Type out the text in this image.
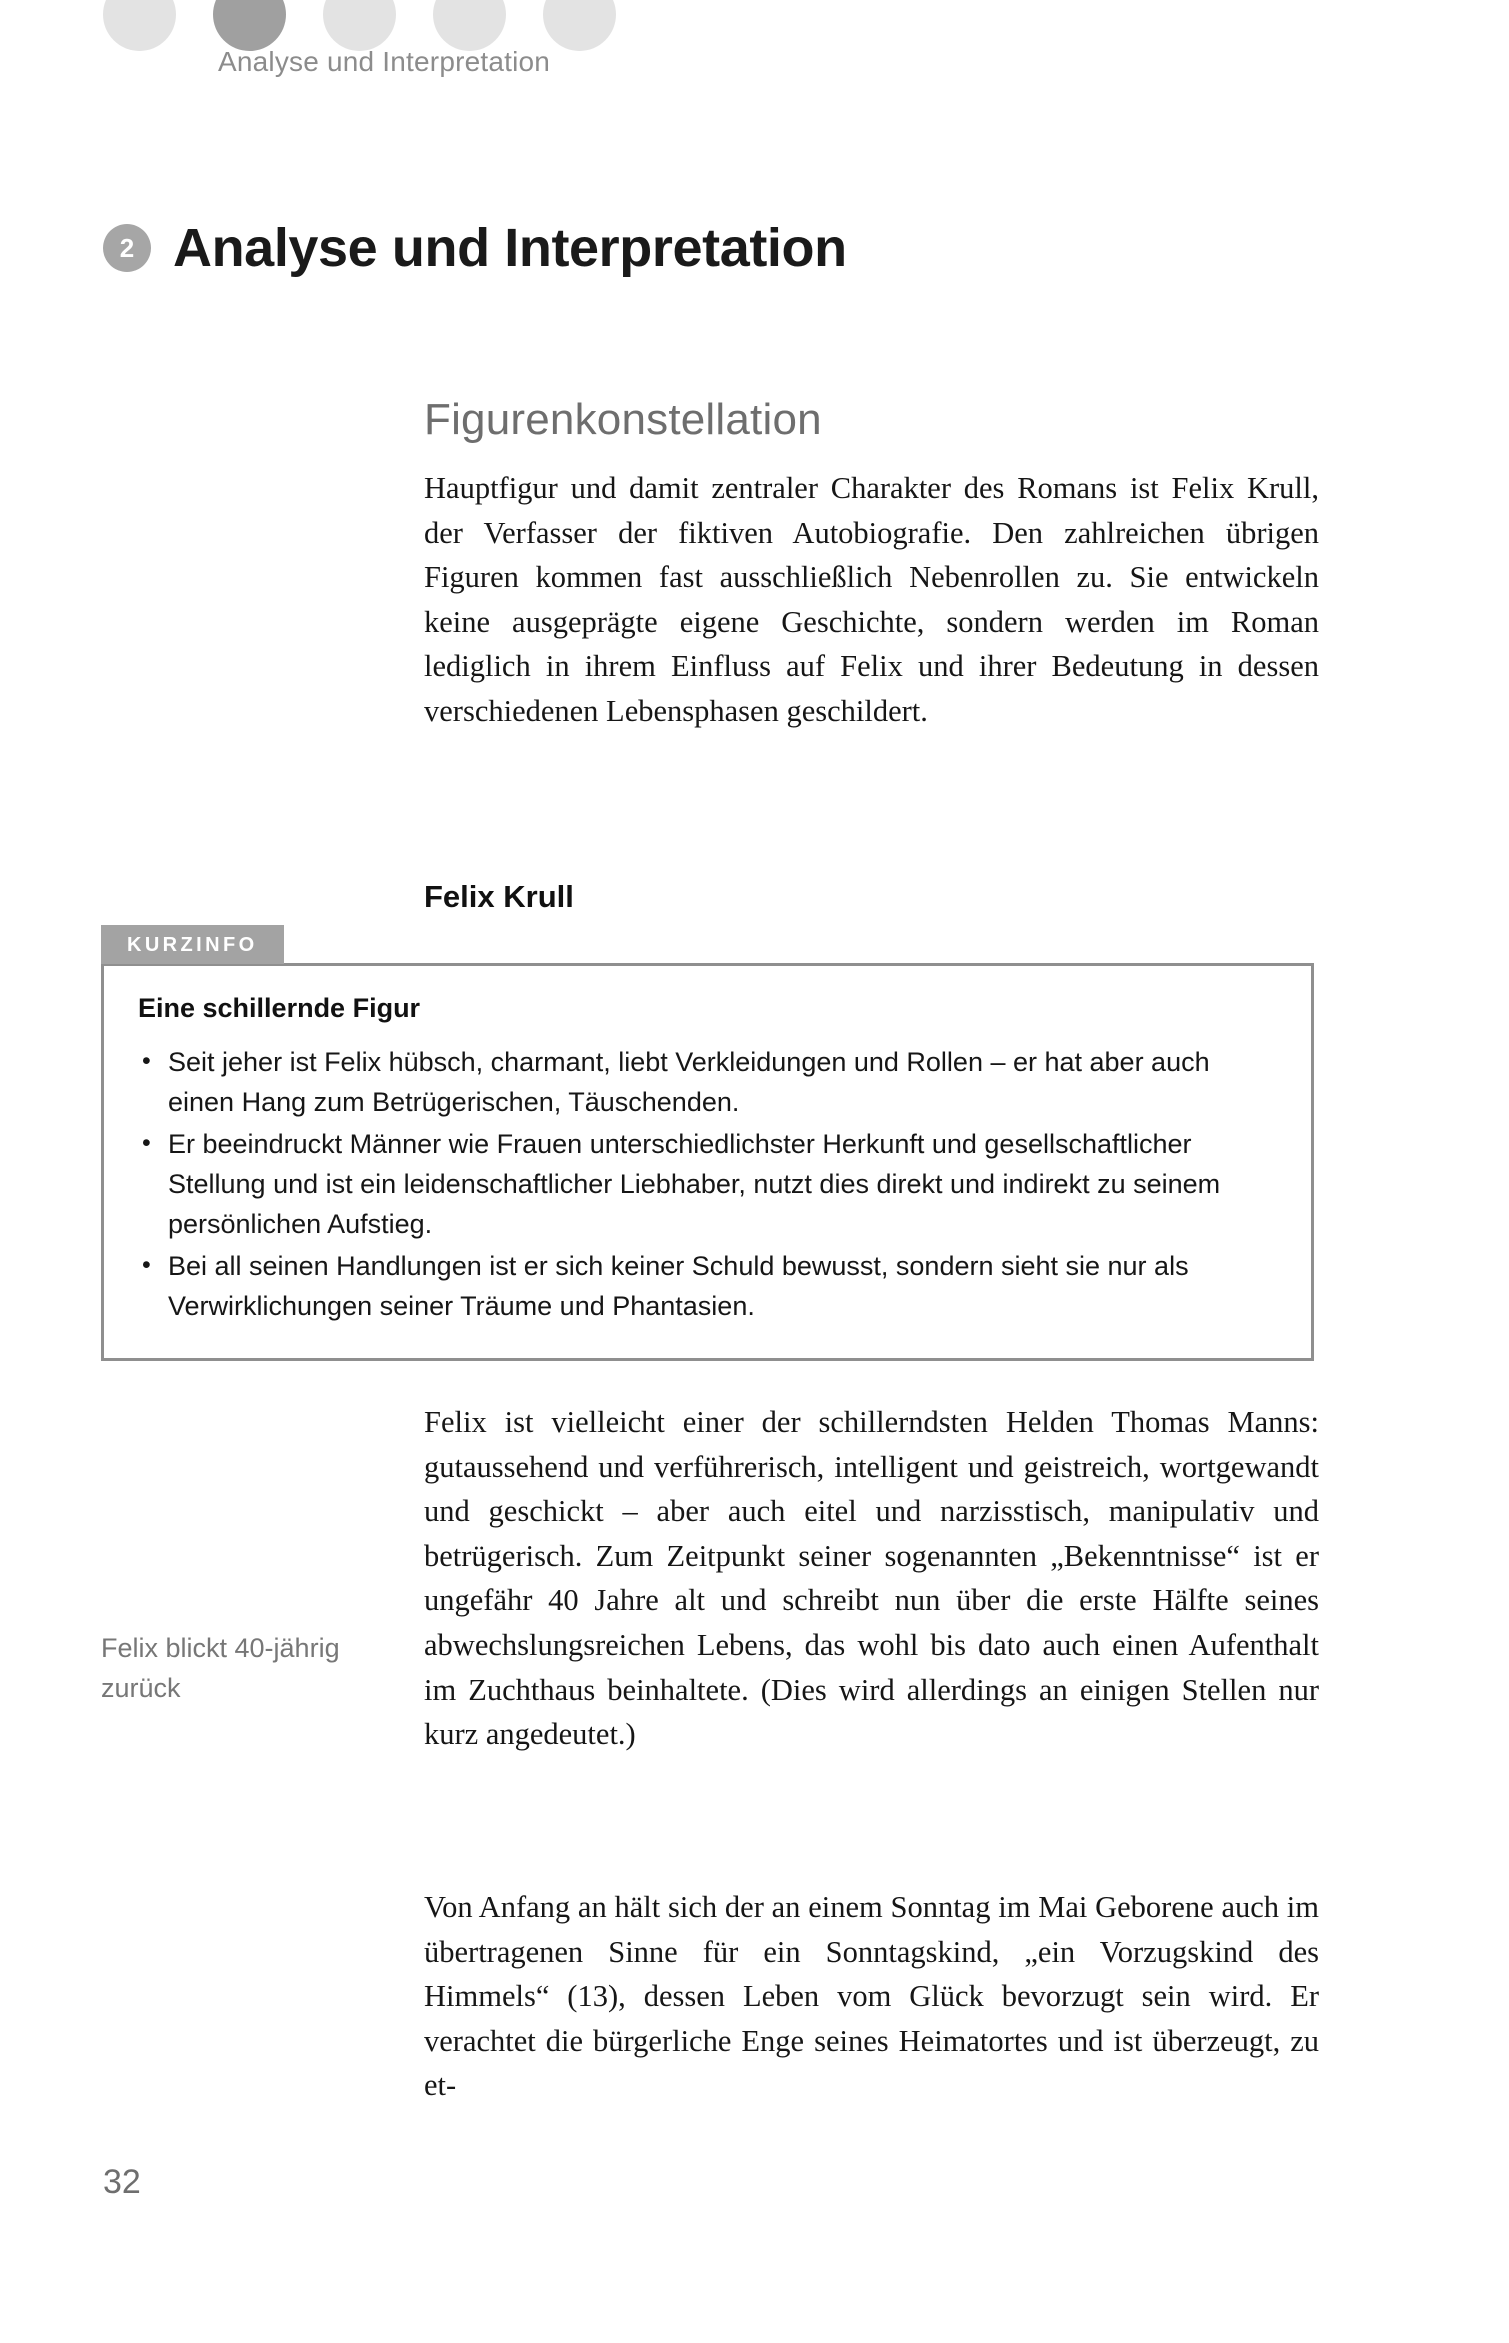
Analyse und Interpretation
2 Analyse und Interpretation
Figurenkonstellation

Hauptfigur und damit zentraler Charakter des Romans ist Felix Krull, der Verfasser der fiktiven Autobiografie. Den zahlreichen übrigen Figuren kommen fast ausschließlich Nebenrollen zu. Sie entwickeln keine ausgeprägte eigene Geschichte, sondern werden im Roman lediglich in ihrem Einfluss auf Felix und ihrer Bedeutung in dessen verschiedenen Lebensphasen geschildert.

Felix Krull
KURZINFO

Eine schillernde Figur

• Seit jeher ist Felix hübsch, charmant, liebt Verkleidungen und Rollen – er hat aber auch einen Hang zum Betrügerischen, Täuschenden.
• Er beeindruckt Männer wie Frauen unterschiedlichster Herkunft und gesellschaftlicher Stellung und ist ein leidenschaftlicher Liebhaber, nutzt dies direkt und indirekt zu seinem persönlichen Aufstieg.
• Bei all seinen Handlungen ist er sich keiner Schuld bewusst, sondern sieht sie nur als Verwirklichungen seiner Träume und Phantasien.
Felix blickt 40-jährig zurück

Felix ist vielleicht einer der schillerndsten Helden Thomas Manns: gutaussehend und verführerisch, intelligent und geistreich, wortgewandt und geschickt – aber auch eitel und narzisstisch, manipulativ und betrügerisch. Zum Zeitpunkt seiner sogenannten „Bekenntnisse“ ist er ungefähr 40 Jahre alt und schreibt nun über die erste Hälfte seines abwechslungsreichen Lebens, das wohl bis dato auch einen Aufenthalt im Zuchthaus beinhaltete. (Dies wird allerdings an einigen Stellen nur kurz angedeutet.)

Von Anfang an hält sich der an einem Sonntag im Mai Geborene auch im übertragenen Sinne für ein Sonntagskind, „ein Vorzugskind des Himmels“ (13), dessen Leben vom Glück bevorzugt sein wird. Er verachtet die bürgerliche Enge seines Heimatortes und ist überzeugt, zu et-

32
